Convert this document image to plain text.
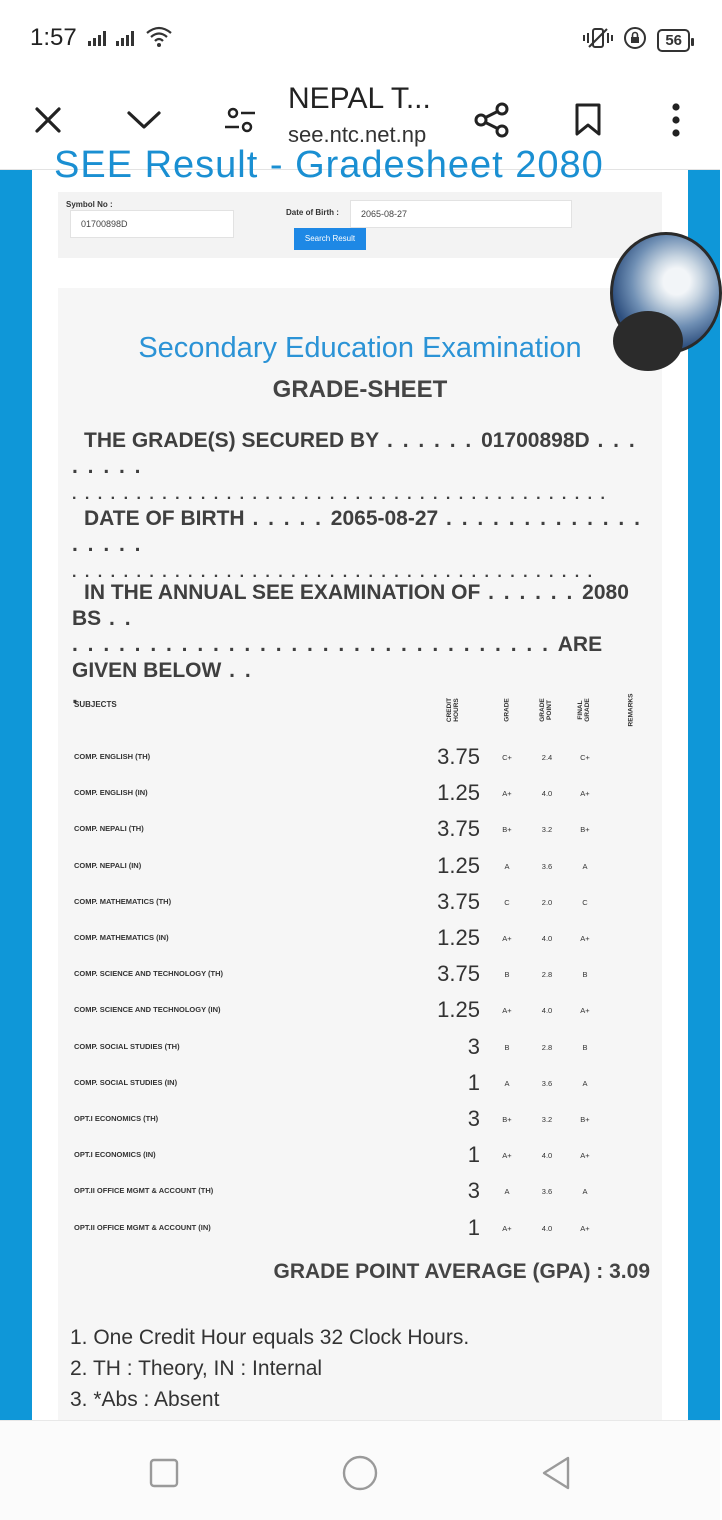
1:57	56
NEPAL T...
see.ntc.net.np
SEE Result - Gradesheet 2080
Symbol No :
01700898D
Date of Birth :	2065-08-27
Search Result
Secondary Education Examination
GRADE-SHEET
THE GRADE(S) SECURED BY . . . . . . 01700898D . . . . . . . .
. . . . . . . . . . . . . . . . . . . . . . . . . . . . . . . . . . . . . . . . . .
DATE OF BIRTH . . . . . 2065-08-27 . . . . . . . . . . . . . . . . . .
. . . . . . . . . . . . . . . . . . . . . . . . . . . . . . . . . . . . . . . . .
IN THE ANNUAL SEE EXAMINATION OF . . . . . . 2080 BS . .
. . . . . . . . . . . . . . . . . . . . . . . . . . . . . . . ARE GIVEN BELOW . .
.
SUBJECTS	CREDIT HOURS	GRADE	GRADE POINT	FINAL GRADE	REMARKS
COMP. ENGLISH (TH)	3.75	C+	2.4	C+
COMP. ENGLISH (IN)	1.25	A+	4.0	A+
COMP. NEPALI (TH)	3.75	B+	3.2	B+
COMP. NEPALI (IN)	1.25	A	3.6	A
COMP. MATHEMATICS (TH)	3.75	C	2.0	C
COMP. MATHEMATICS (IN)	1.25	A+	4.0	A+
COMP. SCIENCE AND TECHNOLOGY (TH)	3.75	B	2.8	B
COMP. SCIENCE AND TECHNOLOGY (IN)	1.25	A+	4.0	A+
COMP. SOCIAL STUDIES (TH)	3	B	2.8	B
COMP. SOCIAL STUDIES (IN)	1	A	3.6	A
OPT.I ECONOMICS (TH)	3	B+	3.2	B+
OPT.I ECONOMICS (IN)	1	A+	4.0	A+
OPT.II OFFICE MGMT & ACCOUNT (TH)	3	A	3.6	A
OPT.II OFFICE MGMT & ACCOUNT (IN)	1	A+	4.0	A+
GRADE POINT AVERAGE (GPA) : 3.09
1. One Credit Hour equals 32 Clock Hours.
2. TH : Theory, IN : Internal
3. *Abs : Absent
